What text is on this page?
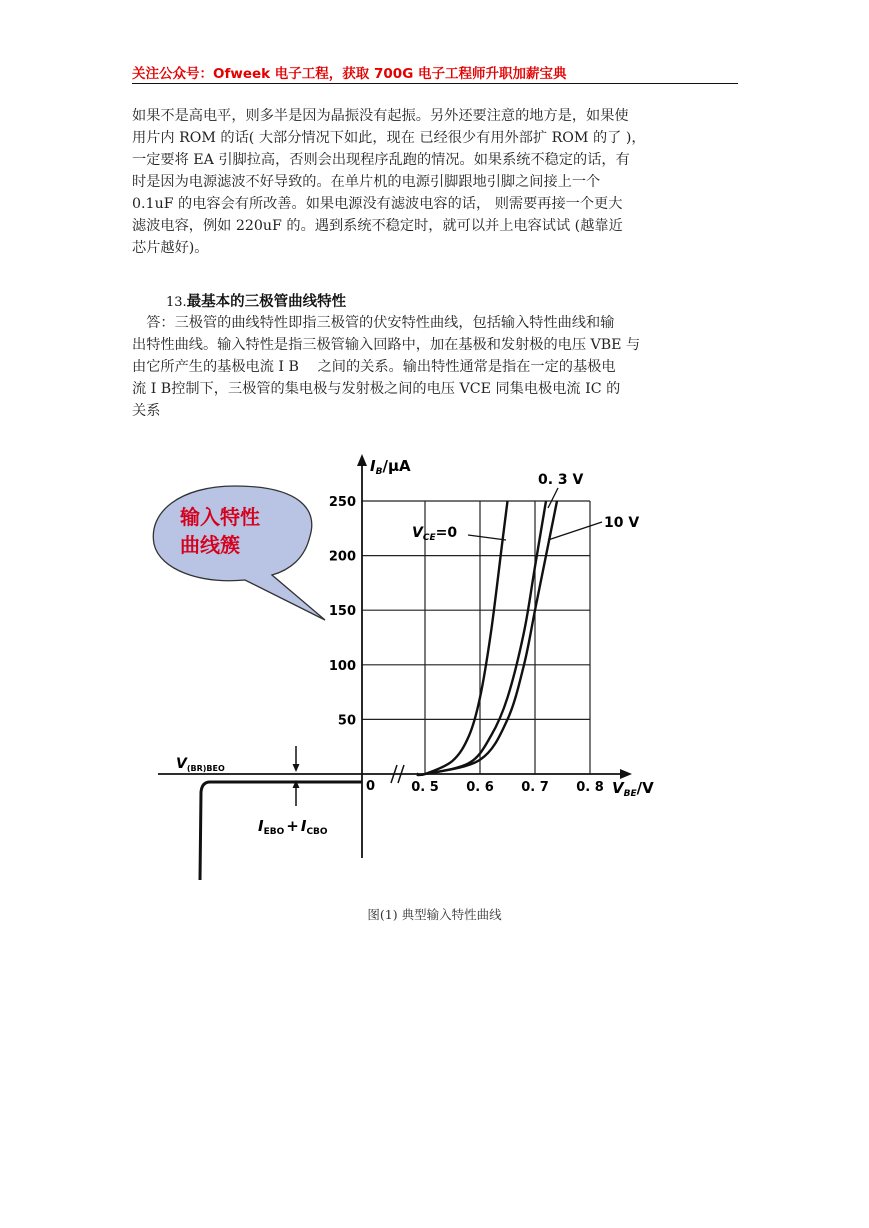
关注公众号：Ofweek 电子工程，获取 700G 电子工程师升职加薪宝典
如果不是高电平，则多半是因为晶振没有起振。另外还要注意的地方是，如果使
用片内 ROM 的话( 大部分情况下如此，现在 已经很少有用外部扩 ROM 的了 )，
一定要将 EA 引脚拉高，否则会出现程序乱跑的情况。如果系统不稳定的话，有
时是因为电源滤波不好导致的。在单片机的电源引脚跟地引脚之间接上一个
0.1uF 的电容会有所改善。如果电源没有滤波电容的话， 则需要再接一个更大
滤波电容，例如 220uF 的。遇到系统不稳定时，就可以并上电容试试 (越靠近
芯片越好)。
13.最基本的三极管曲线特性
　答：三极管的曲线特性即指三极管的伏安特性曲线，包括输入特性曲线和输
出特性曲线。输入特性是指三极管输入回路中，加在基极和发射极的电压 VBE 与
由它所产生的基极电流 I B　 之间的关系。输出特性通常是指在一定的基极电
流 I B控制下，三极管的集电极与发射极之间的电压 VCE 同集电极电流 IC 的
关系
输入特性
曲线簇
250
200
150
100
50
0. 5 0. 6 0. 7 0. 8
$I_B/\mu A$
$V_{BE}/V$
0
$V_{CE}=0$
0. 3 V
10 V
$V_{(BR)BEO}$
$I_{EBO} + I_{CBO}$
图(1) 典型输入特性曲线
